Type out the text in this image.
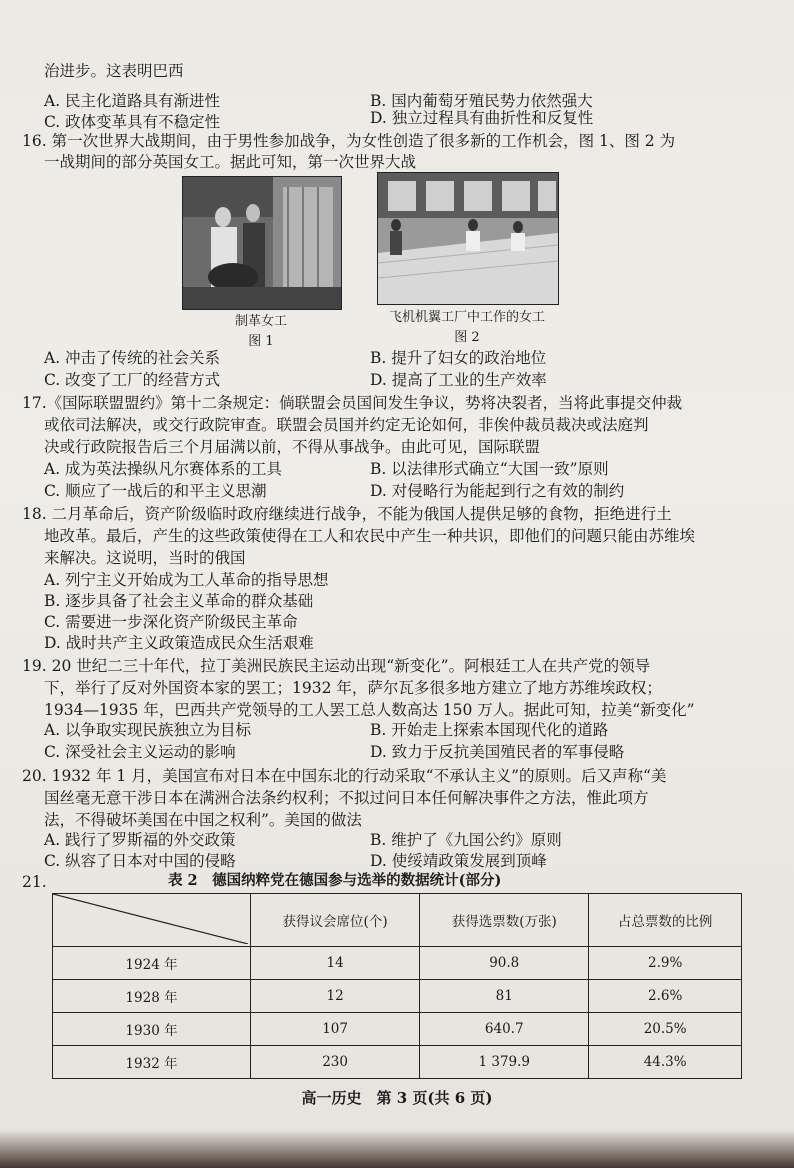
治进步。这表明巴西
A. 民主化道路具有渐进性	B. 国内葡萄牙殖民势力依然强大
C. 政体变革具有不稳定性	D. 独立过程具有曲折性和反复性
16. 第一次世界大战期间，由于男性参加战争，为女性创造了很多新的工作机会，图 1、图 2 为
一战期间的部分英国女工。据此可知，第一次世界大战
制革女工
图 1
飞机机翼工厂中工作的女工
图 2
A. 冲击了传统的社会关系	B. 提升了妇女的政治地位
C. 改变了工厂的经营方式	D. 提高了工业的生产效率
17.《国际联盟盟约》第十二条规定：倘联盟会员国间发生争议，势将决裂者，当将此事提交仲裁
或依司法解决，或交行政院审查。联盟会员国并约定无论如何，非俟仲裁员裁决或法庭判
决或行政院报告后三个月届满以前，不得从事战争。由此可见，国际联盟
A. 成为英法操纵凡尔赛体系的工具	B. 以法律形式确立“大国一致”原则
C. 顺应了一战后的和平主义思潮	D. 对侵略行为能起到行之有效的制约
18. 二月革命后，资产阶级临时政府继续进行战争，不能为俄国人提供足够的食物，拒绝进行土
地改革。最后，产生的这些政策使得在工人和农民中产生一种共识，即他们的问题只能由苏维埃
来解决。这说明，当时的俄国
A. 列宁主义开始成为工人革命的指导思想
B. 逐步具备了社会主义革命的群众基础
C. 需要进一步深化资产阶级民主革命
D. 战时共产主义政策造成民众生活艰难
19. 20 世纪二三十年代，拉丁美洲民族民主运动出现“新变化”。阿根廷工人在共产党的领导
下，举行了反对外国资本家的罢工；1932 年，萨尔瓦多很多地方建立了地方苏维埃政权；
1934—1935 年，巴西共产党领导的工人罢工总人数高达 150 万人。据此可知，拉美“新变化”
A. 以争取实现民族独立为目标	B. 开始走上探索本国现代化的道路
C. 深受社会主义运动的影响	D. 致力于反抗美国殖民者的军事侵略
20. 1932 年 1 月，美国宣布对日本在中国东北的行动采取“不承认主义”的原则。后又声称“美
国丝毫无意干涉日本在满洲合法条约权利；不拟过问日本任何解决事件之方法，惟此项方
法，不得破坏美国在中国之权利”。美国的做法
A. 践行了罗斯福的外交政策	B. 维护了《九国公约》原则
C. 纵容了日本对中国的侵略	D. 使绥靖政策发展到顶峰
21.	表 2　德国纳粹党在德国参与选举的数据统计(部分)
	获得议会席位(个)	获得选票数(万张)	占总票数的比例
1924 年	14	90.8	2.9%
1928 年	12	81	2.6%
1930 年	107	640.7	20.5%
1932 年	230	1 379.9	44.3%
高一历史　第 3 页(共 6 页)
